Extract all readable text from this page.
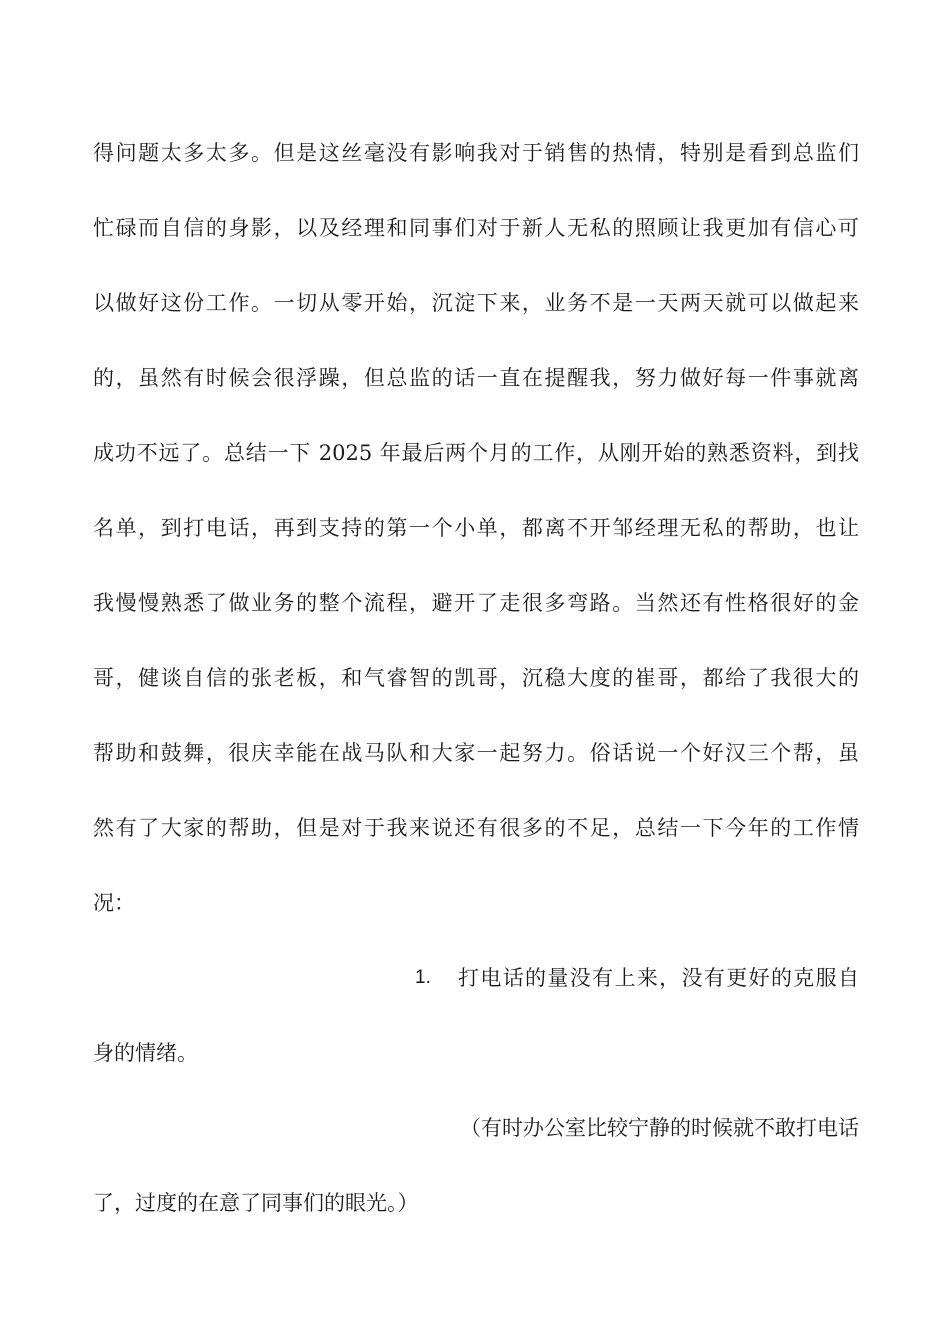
得问题太多太多。但是这丝毫没有影响我对于销售的热情，特别是看到总监们
忙碌而自信的身影，以及经理和同事们对于新人无私的照顾让我更加有信心可
以做好这份工作。一切从零开始，沉淀下来，业务不是一天两天就可以做起来
的，虽然有时候会很浮躁，但总监的话一直在提醒我，努力做好每一件事就离
成功不远了。总结一下 2025 年最后两个月的工作，从刚开始的熟悉资料，到找
名单，到打电话，再到支持的第一个小单，都离不开邹经理无私的帮助，也让
我慢慢熟悉了做业务的整个流程，避开了走很多弯路。当然还有性格很好的金
哥，健谈自信的张老板，和气睿智的凯哥，沉稳大度的崔哥，都给了我很大的
帮助和鼓舞，很庆幸能在战马队和大家一起努力。俗话说一个好汉三个帮，虽
然有了大家的帮助，但是对于我来说还有很多的不足，总结一下今年的工作情
况：
1. 打电话的量没有上来，没有更好的克服自
身的情绪。
（有时办公室比较宁静的时候就不敢打电话
了，过度的在意了同事们的眼光。）
